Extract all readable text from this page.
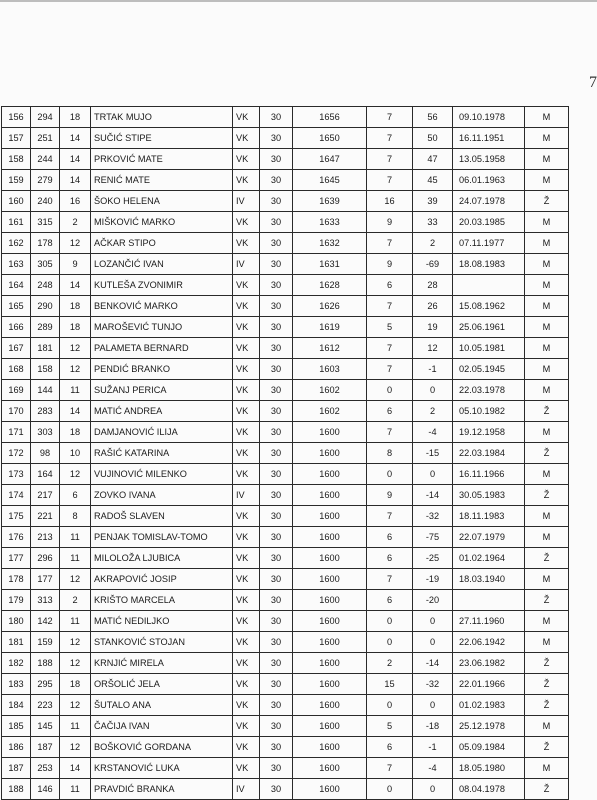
7
156	294	18	TRTAK MUJO	VK	30	1656	7	56	09.10.1978	M
157	251	14	SUČIĆ STIPE	VK	30	1650	7	50	16.11.1951	M
158	244	14	PRKOVIĆ MATE	VK	30	1647	7	47	13.05.1958	M
159	279	14	RENIĆ MATE	VK	30	1645	7	45	06.01.1963	M
160	240	16	ŠOKO HELENA	IV	30	1639	16	39	24.07.1978	Ž
161	315	2	MIŠKOVIĆ MARKO	VK	30	1633	9	33	20.03.1985	M
162	178	12	AČKAR STIPO	VK	30	1632	7	2	07.11.1977	M
163	305	9	LOZANČIĆ IVAN	IV	30	1631	9	-69	18.08.1983	M
164	248	14	KUTLEŠA ZVONIMIR	VK	30	1628	6	28		M
165	290	18	BENKOVIĆ MARKO	VK	30	1626	7	26	15.08.1962	M
166	289	18	MAROŠEVIĆ TUNJO	VK	30	1619	5	19	25.06.1961	M
167	181	12	PALAMETA BERNARD	VK	30	1612	7	12	10.05.1981	M
168	158	12	PENDIĆ BRANKO	VK	30	1603	7	-1	02.05.1945	M
169	144	11	SUŽANJ PERICA	VK	30	1602	0	0	22.03.1978	M
170	283	14	MATIĆ ANDREA	VK	30	1602	6	2	05.10.1982	Ž
171	303	18	DAMJANOVIĆ ILIJA	VK	30	1600	7	-4	19.12.1958	M
172	98	10	RAŠIĆ KATARINA	VK	30	1600	8	-15	22.03.1984	Ž
173	164	12	VUJINOVIĆ MILENKO	VK	30	1600	0	0	16.11.1966	M
174	217	6	ZOVKO IVANA	IV	30	1600	9	-14	30.05.1983	Ž
175	221	8	RADOŠ SLAVEN	VK	30	1600	7	-32	18.11.1983	M
176	213	11	PENJAK TOMISLAV-TOMO	VK	30	1600	6	-75	22.07.1979	M
177	296	11	MILOLOŽA LJUBICA	VK	30	1600	6	-25	01.02.1964	Ž
178	177	12	AKRAPOVIĆ JOSIP	VK	30	1600	7	-19	18.03.1940	M
179	313	2	KRIŠTO MARCELA	VK	30	1600	6	-20		Ž
180	142	11	MATIĆ NEDILJKO	VK	30	1600	0	0	27.11.1960	M
181	159	12	STANKOVIĆ STOJAN	VK	30	1600	0	0	22.06.1942	M
182	188	12	KRNJIĆ MIRELA	VK	30	1600	2	-14	23.06.1982	Ž
183	295	18	ORŠOLIĆ JELA	VK	30	1600	15	-32	22.01.1966	Ž
184	223	12	ŠUTALO ANA	VK	30	1600	0	0	01.02.1983	Ž
185	145	11	ČAČIJA IVAN	VK	30	1600	5	-18	25.12.1978	M
186	187	12	BOŠKOVIĆ GORDANA	VK	30	1600	6	-1	05.09.1984	Ž
187	253	14	KRSTANOVIĆ LUKA	VK	30	1600	7	-4	18.05.1980	M
188	146	11	PRAVDIĆ BRANKA	IV	30	1600	0	0	08.04.1978	Ž
